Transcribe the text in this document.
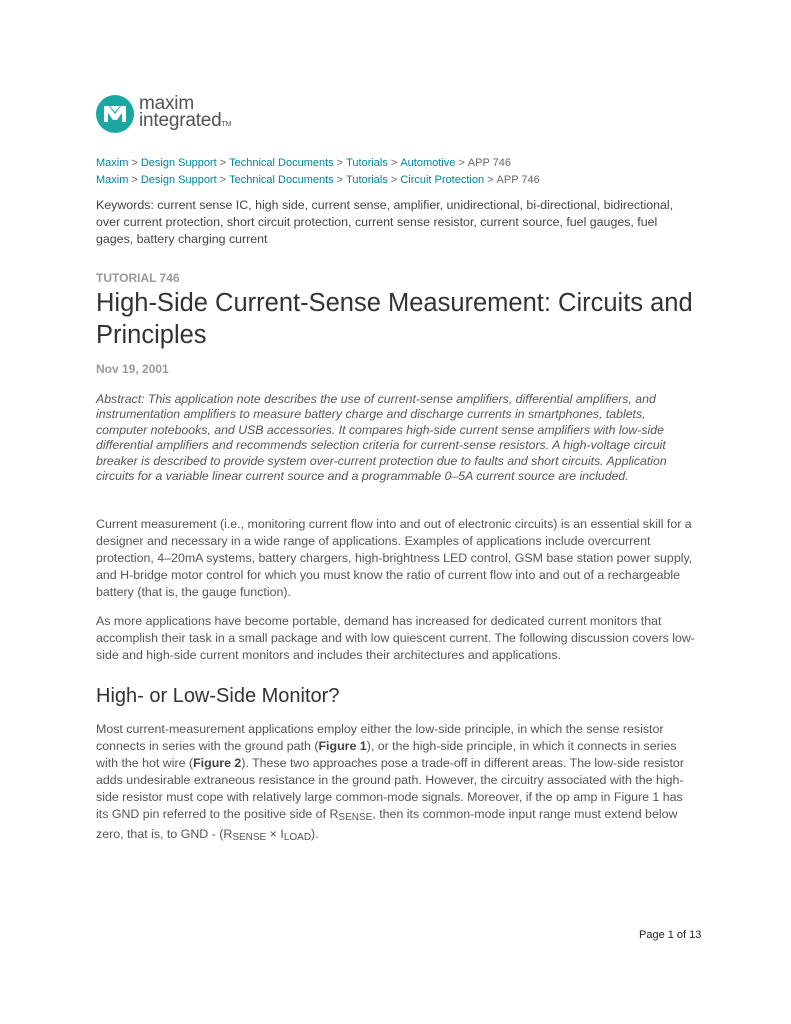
maxim
integratedTM
Maxim > Design Support > Technical Documents > Tutorials > Automotive > APP 746
Maxim > Design Support > Technical Documents > Tutorials > Circuit Protection > APP 746
Keywords: current sense IC, high side, current sense, amplifier, unidirectional, bi-directional, bidirectional, over current protection, short circuit protection, current sense resistor, current source, fuel gauges, fuel gages, battery charging current
TUTORIAL 746
High-Side Current-Sense Measurement: Circuits and Principles
Nov 19, 2001
Abstract: This application note describes the use of current-sense amplifiers, differential amplifiers, and instrumentation amplifiers to measure battery charge and discharge currents in smartphones, tablets, computer notebooks, and USB accessories. It compares high-side current sense amplifiers with low-side differential amplifiers and recommends selection criteria for current-sense resistors. A high-voltage circuit breaker is described to provide system over-current protection due to faults and short circuits. Application circuits for a variable linear current source and a programmable 0–5A current source are included.
Current measurement (i.e., monitoring current flow into and out of electronic circuits) is an essential skill for a designer and necessary in a wide range of applications. Examples of applications include overcurrent protection, 4–20mA systems, battery chargers, high-brightness LED control, GSM base station power supply, and H-bridge motor control for which you must know the ratio of current flow into and out of a rechargeable battery (that is, the gauge function).
As more applications have become portable, demand has increased for dedicated current monitors that accomplish their task in a small package and with low quiescent current. The following discussion covers low-side and high-side current monitors and includes their architectures and applications.
High- or Low-Side Monitor?
Most current-measurement applications employ either the low-side principle, in which the sense resistor connects in series with the ground path (Figure 1), or the high-side principle, in which it connects in series with the hot wire (Figure 2). These two approaches pose a trade-off in different areas. The low-side resistor adds undesirable extraneous resistance in the ground path. However, the circuitry associated with the high-side resistor must cope with relatively large common-mode signals. Moreover, if the op amp in Figure 1 has its GND pin referred to the positive side of $R_{SENSE}$, then its common-mode input range must extend below zero, that is, to GND - $(R_{SENSE} \times I_{LOAD})$.
Page 1 of 13
